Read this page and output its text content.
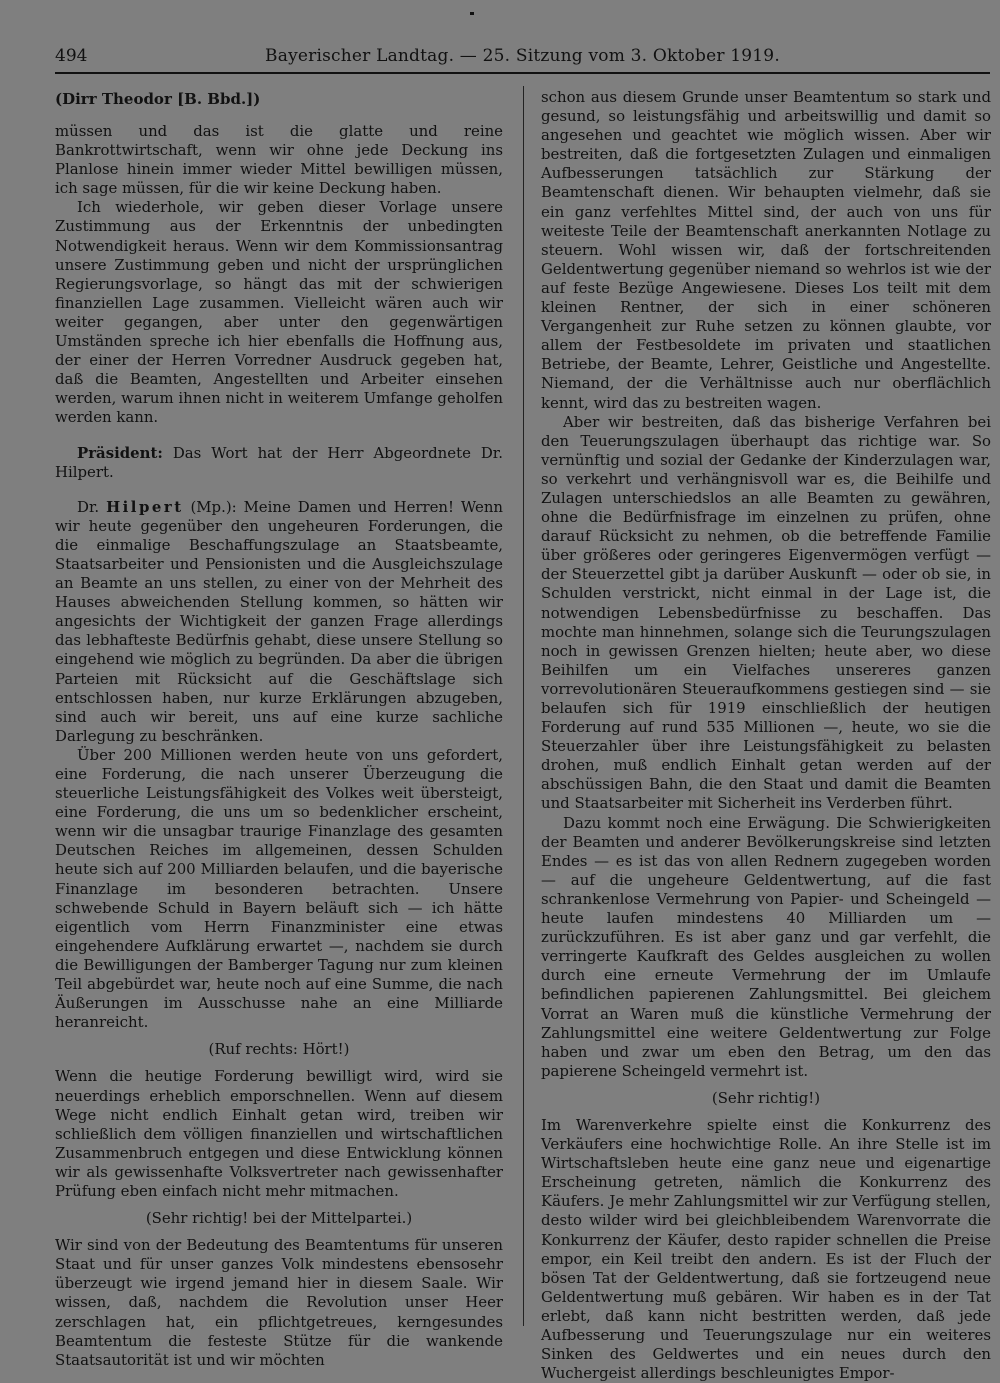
494	Bayerischer Landtag. — 25. Sitzung vom 3. Oktober 1919.
(Dirr Theodor [B. Bbd.])

müssen und das ist die glatte und reine Bankrottwirtschaft, wenn wir ohne jede Deckung ins Planlose hinein immer wieder Mittel bewilligen müssen, ich sage müssen, für die wir keine Deckung haben.

Ich wiederhole, wir geben dieser Vorlage unsere Zustimmung aus der Erkenntnis der unbedingten Notwendigkeit heraus. Wenn wir dem Kommissionsantrag unsere Zustimmung geben und nicht der ursprünglichen Regierungsvorlage, so hängt das mit der schwierigen finanziellen Lage zusammen. Vielleicht wären auch wir weiter gegangen, aber unter den gegenwärtigen Umständen spreche ich hier ebenfalls die Hoffnung aus, der einer der Herren Vorredner Ausdruck gegeben hat, daß die Beamten, Angestellten und Arbeiter einsehen werden, warum ihnen nicht in weiterem Umfange geholfen werden kann.

Präsident: Das Wort hat der Herr Abgeordnete Dr. Hilpert.

Dr. Hilpert (Mp.): Meine Damen und Herren! Wenn wir heute gegenüber den ungeheuren Forderungen, die die einmalige Beschaffungszulage an Staatsbeamte, Staatsarbeiter und Pensionisten und die Ausgleichszulage an Beamte an uns stellen, zu einer von der Mehrheit des Hauses abweichenden Stellung kommen, so hätten wir angesichts der Wichtigkeit der ganzen Frage allerdings das lebhafteste Bedürfnis gehabt, diese unsere Stellung so eingehend wie möglich zu begründen. Da aber die übrigen Parteien mit Rücksicht auf die Geschäftslage sich entschlossen haben, nur kurze Erklärungen abzugeben, sind auch wir bereit, uns auf eine kurze sachliche Darlegung zu beschränken.

Über 200 Millionen werden heute von uns gefordert, eine Forderung, die nach unserer Überzeugung die steuerliche Leistungsfähigkeit des Volkes weit übersteigt, eine Forderung, die uns um so bedenklicher erscheint, wenn wir die unsagbar traurige Finanzlage des gesamten Deutschen Reiches im allgemeinen, dessen Schulden heute sich auf 200 Milliarden belaufen, und die bayerische Finanzlage im besonderen betrachten. Unsere schwebende Schuld in Bayern beläuft sich — ich hätte eigentlich vom Herrn Finanzminister eine etwas eingehendere Aufklärung erwartet —, nachdem sie durch die Bewilligungen der Bamberger Tagung nur zum kleinen Teil abgebürdet war, heute noch auf eine Summe, die nach Äußerungen im Ausschusse nahe an eine Milliarde heranreicht.

(Ruf rechts: Hört!)

Wenn die heutige Forderung bewilligt wird, wird sie neuerdings erheblich emporschnellen. Wenn auf diesem Wege nicht endlich Einhalt getan wird, treiben wir schließlich dem völligen finanziellen und wirtschaftlichen Zusammenbruch entgegen und diese Entwicklung können wir als gewissenhafte Volksvertreter nach gewissenhafter Prüfung eben einfach nicht mehr mitmachen.

(Sehr richtig! bei der Mittelpartei.)

Wir sind von der Bedeutung des Beamtentums für unseren Staat und für unser ganzes Volk mindestens ebensosehr überzeugt wie irgend jemand hier in diesem Saale. Wir wissen, daß, nachdem die Revolution unser Heer zerschlagen hat, ein pflichtgetreues, kerngesundes Beamtentum die festeste Stütze für die wankende Staatsautorität ist und wir möchten

schon aus diesem Grunde unser Beamtentum so stark und gesund, so leistungsfähig und arbeitswillig und damit so angesehen und geachtet wie möglich wissen. Aber wir bestreiten, daß die fortgesetzten Zulagen und einmaligen Aufbesserungen tatsächlich zur Stärkung der Beamtenschaft dienen. Wir behaupten vielmehr, daß sie ein ganz verfehltes Mittel sind, der auch von uns für weiteste Teile der Beamtenschaft anerkannten Notlage zu steuern. Wohl wissen wir, daß der fortschreitenden Geldentwertung gegenüber niemand so wehrlos ist wie der auf feste Bezüge Angewiesene. Dieses Los teilt mit dem kleinen Rentner, der sich in einer schöneren Vergangenheit zur Ruhe setzen zu können glaubte, vor allem der Festbesoldete im privaten und staatlichen Betriebe, der Beamte, Lehrer, Geistliche und Angestellte. Niemand, der die Verhältnisse auch nur oberflächlich kennt, wird das zu bestreiten wagen.

Aber wir bestreiten, daß das bisherige Verfahren bei den Teuerungszulagen überhaupt das richtige war. So vernünftig und sozial der Gedanke der Kinderzulagen war, so verkehrt und verhängnisvoll war es, die Beihilfe und Zulagen unterschiedslos an alle Beamten zu gewähren, ohne die Bedürfnisfrage im einzelnen zu prüfen, ohne darauf Rücksicht zu nehmen, ob die betreffende Familie über größeres oder geringeres Eigenvermögen verfügt — der Steuerzettel gibt ja darüber Auskunft — oder ob sie, in Schulden verstrickt, nicht einmal in der Lage ist, die notwendigen Lebensbedürfnisse zu beschaffen. Das mochte man hinnehmen, solange sich die Teurungszulagen noch in gewissen Grenzen hielten; heute aber, wo diese Beihilfen um ein Vielfaches unsereres ganzen vorrevolutionären Steueraufkommens gestiegen sind — sie belaufen sich für 1919 einschließlich der heutigen Forderung auf rund 535 Millionen —, heute, wo sie die Steuerzahler über ihre Leistungsfähigkeit zu belasten drohen, muß endlich Einhalt getan werden auf der abschüssigen Bahn, die den Staat und damit die Beamten und Staatsarbeiter mit Sicherheit ins Verderben führt.

Dazu kommt noch eine Erwägung. Die Schwierigkeiten der Beamten und anderer Bevölkerungskreise sind letzten Endes — es ist das von allen Rednern zugegeben worden — auf die ungeheure Geldentwertung, auf die fast schrankenlose Vermehrung von Papier- und Scheingeld — heute laufen mindestens 40 Milliarden um — zurückzuführen. Es ist aber ganz und gar verfehlt, die verringerte Kaufkraft des Geldes ausgleichen zu wollen durch eine erneute Vermehrung der im Umlaufe befindlichen papierenen Zahlungsmittel. Bei gleichem Vorrat an Waren muß die künstliche Vermehrung der Zahlungsmittel eine weitere Geldentwertung zur Folge haben und zwar um eben den Betrag, um den das papierene Scheingeld vermehrt ist.

(Sehr richtig!)

Im Warenverkehre spielte einst die Konkurrenz des Verkäufers eine hochwichtige Rolle. An ihre Stelle ist im Wirtschaftsleben heute eine ganz neue und eigenartige Erscheinung getreten, nämlich die Konkurrenz des Käufers. Je mehr Zahlungsmittel wir zur Verfügung stellen, desto wilder wird bei gleichbleibendem Warenvorrate die Konkurrenz der Käufer, desto rapider schnellen die Preise empor, ein Keil treibt den andern. Es ist der Fluch der bösen Tat der Geldentwertung, daß sie fortzeugend neue Geldentwertung muß gebären. Wir haben es in der Tat erlebt, daß kann nicht bestritten werden, daß jede Aufbesserung und Teuerungszulage nur ein weiteres Sinken des Geldwertes und ein neues durch den Wuchergeist allerdings beschleunigtes Empor-
